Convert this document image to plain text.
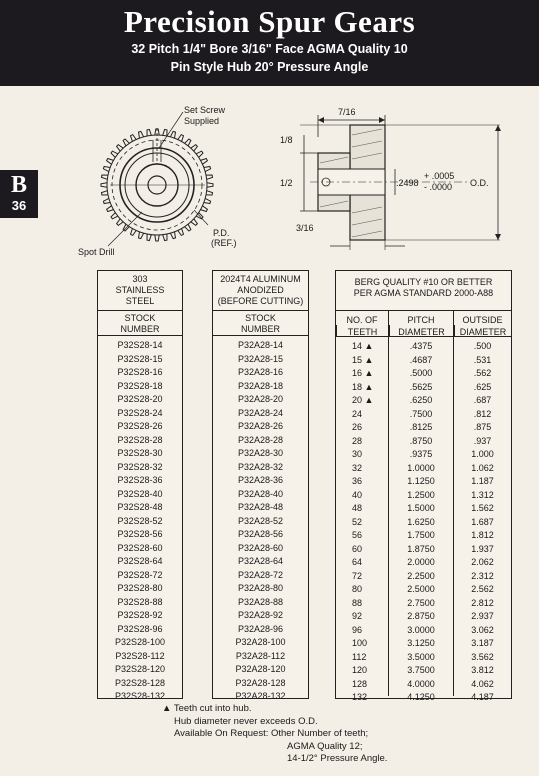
Precision Spur Gears
32 Pitch 1/4" Bore 3/16" Face AGMA Quality 10
Pin Style Hub 20° Pressure Angle
B
36
Set Screw
Supplied
Spot Drill
P.D.
(REF.)
7/16
1/8
1/2
3/16
.2498
+ .0005
- .0000 O.D.
303
STAINLESS
STEEL
STOCK
NUMBER
P32S28-14
P32S28-15
P32S28-16
P32S28-18
P32S28-20
P32S28-24
P32S28-26
P32S28-28
P32S28-30
P32S28-32
P32S28-36
P32S28-40
P32S28-48
P32S28-52
P32S28-56
P32S28-60
P32S28-64
P32S28-72
P32S28-80
P32S28-88
P32S28-92
P32S28-96
P32S28-100
P32S28-112
P32S28-120
P32S28-128
P32S28-132
2024T4 ALUMINUM
ANODIZED
(BEFORE CUTTING)
STOCK
NUMBER
P32A28-14
P32A28-15
P32A28-16
P32A28-18
P32A28-20
P32A28-24
P32A28-26
P32A28-28
P32A28-30
P32A28-32
P32A28-36
P32A28-40
P32A28-48
P32A28-52
P32A28-56
P32A28-60
P32A28-64
P32A28-72
P32A28-80
P32A28-88
P32A28-92
P32A28-96
P32A28-100
P32A28-112
P32A28-120
P32A28-128
P32A28-132
BERG QUALITY #10 OR BETTER
PER AGMA STANDARD 2000-A88
NO. OF
TEETH
PITCH
DIAMETER
OUTSIDE
DIAMETER
14 ▲
15 ▲
16 ▲
18 ▲
20 ▲
24
26
28
30
32
36
40
48
52
56
60
64
72
80
88
92
96
100
112
120
128
132
.4375
.4687
.5000
.5625
.6250
.7500
.8125
.8750
.9375
1.0000
1.1250
1.2500
1.5000
1.6250
1.7500
1.8750
2.0000
2.2500
2.5000
2.7500
2.8750
3.0000
3.1250
3.5000
3.7500
4.0000
4.1250
.500
.531
.562
.625
.687
.812
.875
.937
1.000
1.062
1.187
1.312
1.562
1.687
1.812
1.937
2.062
2.312
2.562
2.812
2.937
3.062
3.187
3.562
3.812
4.062
4.187
▲ Teeth cut into hub.
Hub diameter never exceeds O.D.
Available On Request: Other Number of teeth;
AGMA Quality 12;
14-1/2° Pressure Angle.
